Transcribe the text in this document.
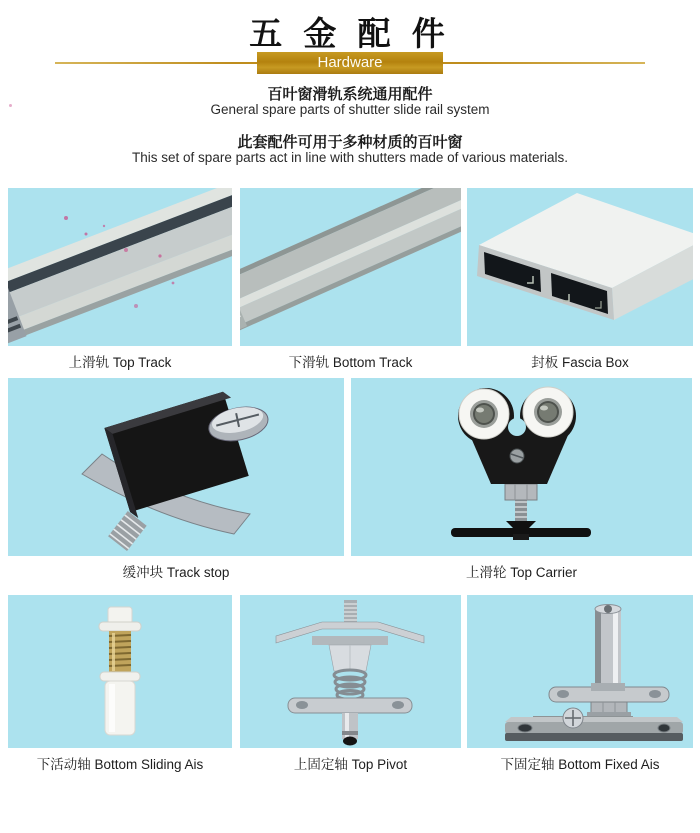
五 金 配 件
Hardware
百叶窗滑轨系统通用配件
General spare parts of shutter slide rail system
此套配件可用于多种材质的百叶窗
This set of spare parts act in line with shutters made of various materials.
上滑轨 Top Track	下滑轨 Bottom Track	封板 Fascia Box
缓冲块 Track stop	上滑轮 Top Carrier
下活动轴 Bottom Sliding Ais	上固定轴 Top Pivot	下固定轴 Bottom Fixed Ais
